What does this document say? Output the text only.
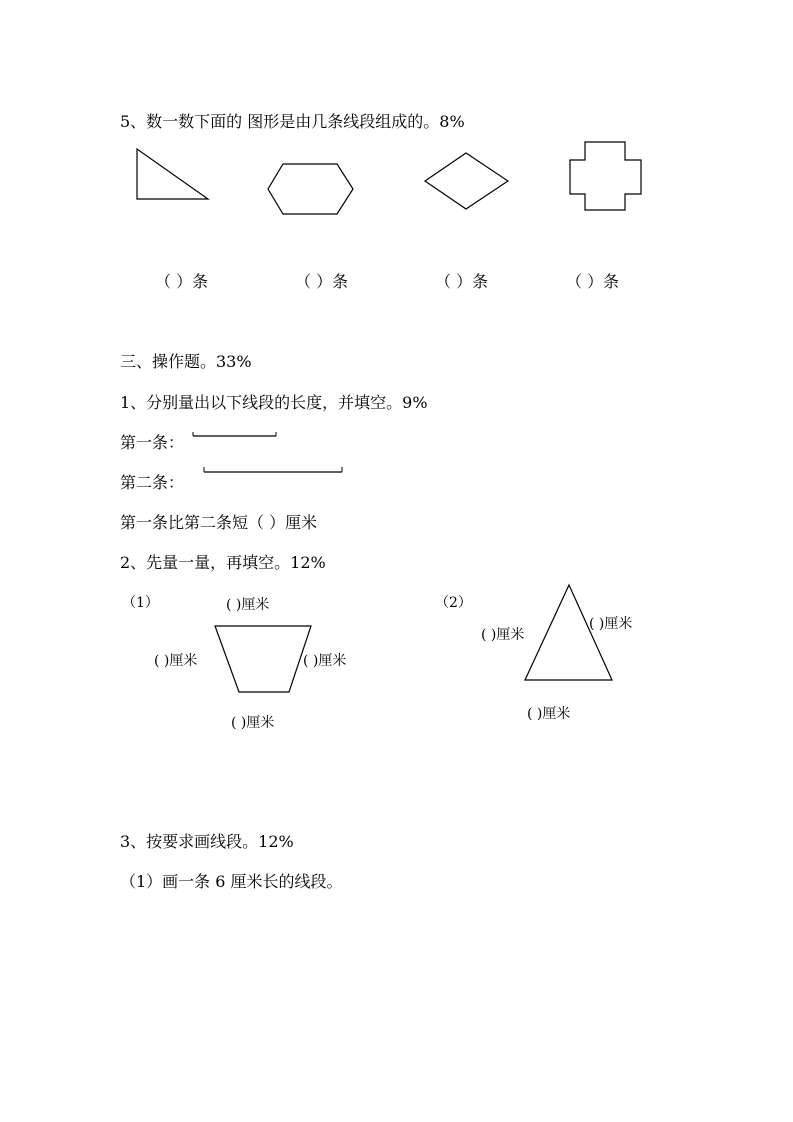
5、数一数下面的 图形是由几条线段组成的。8%
（ ）条	（ ）条	（ ）条	（ ）条
三、操作题。33%
1、分别量出以下线段的长度，并填空。9%
第一条：
第二条：
第一条比第二条短（ ）厘米
2、先量一量，再填空。12%
（1）	（2）
( )厘米
( )厘米	( )厘米
( )厘米
( )厘米
( )厘米
( )厘米
3、按要求画线段。12%
（1）画一条 6 厘米长的线段。
